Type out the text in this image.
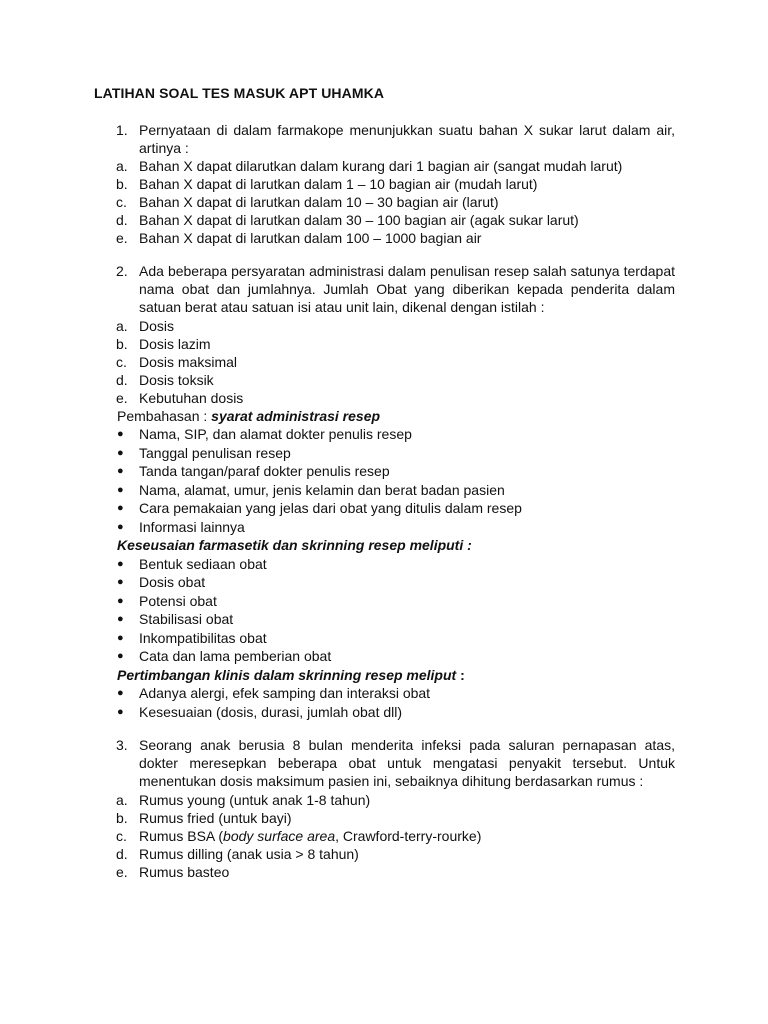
LATIHAN SOAL TES MASUK APT UHAMKA
1. Pernyataan di dalam farmakope menunjukkan suatu bahan X sukar larut dalam air, artinya :
a. Bahan X dapat dilarutkan dalam kurang dari 1 bagian air (sangat mudah larut)
b. Bahan X dapat di larutkan dalam 1 – 10 bagian air (mudah larut)
c. Bahan X dapat di larutkan dalam 10 – 30 bagian air (larut)
d. Bahan X dapat di larutkan dalam 30 – 100 bagian air (agak sukar larut)
e. Bahan X dapat di larutkan dalam 100 – 1000 bagian air
2. Ada beberapa persyaratan administrasi dalam penulisan resep salah satunya terdapat nama obat dan jumlahnya. Jumlah Obat yang diberikan kepada penderita dalam satuan berat atau satuan isi atau unit lain, dikenal dengan istilah :
a. Dosis
b. Dosis lazim
c. Dosis maksimal
d. Dosis toksik
e. Kebutuhan dosis
Pembahasan : syarat administrasi resep
● Nama, SIP, dan alamat dokter penulis resep
● Tanggal penulisan resep
● Tanda tangan/paraf dokter penulis resep
● Nama, alamat, umur, jenis kelamin dan berat badan pasien
● Cara pemakaian yang jelas dari obat yang ditulis dalam resep
● Informasi lainnya
Keseusaian farmasetik dan skrinning resep meliputi :
● Bentuk sediaan obat
● Dosis obat
● Potensi obat
● Stabilisasi obat
● Inkompatibilitas obat
● Cata dan lama pemberian obat
Pertimbangan klinis dalam skrinning resep meliput :
● Adanya alergi, efek samping dan interaksi obat
● Kesesuaian (dosis, durasi, jumlah obat dll)
3. Seorang anak berusia 8 bulan menderita infeksi pada saluran pernapasan atas, dokter meresepkan beberapa obat untuk mengatasi penyakit tersebut. Untuk menentukan dosis maksimum pasien ini, sebaiknya dihitung berdasarkan rumus :
a. Rumus young (untuk anak 1-8 tahun)
b. Rumus fried (untuk bayi)
c. Rumus BSA (body surface area, Crawford-terry-rourke)
d. Rumus dilling (anak usia > 8 tahun)
e. Rumus basteo
